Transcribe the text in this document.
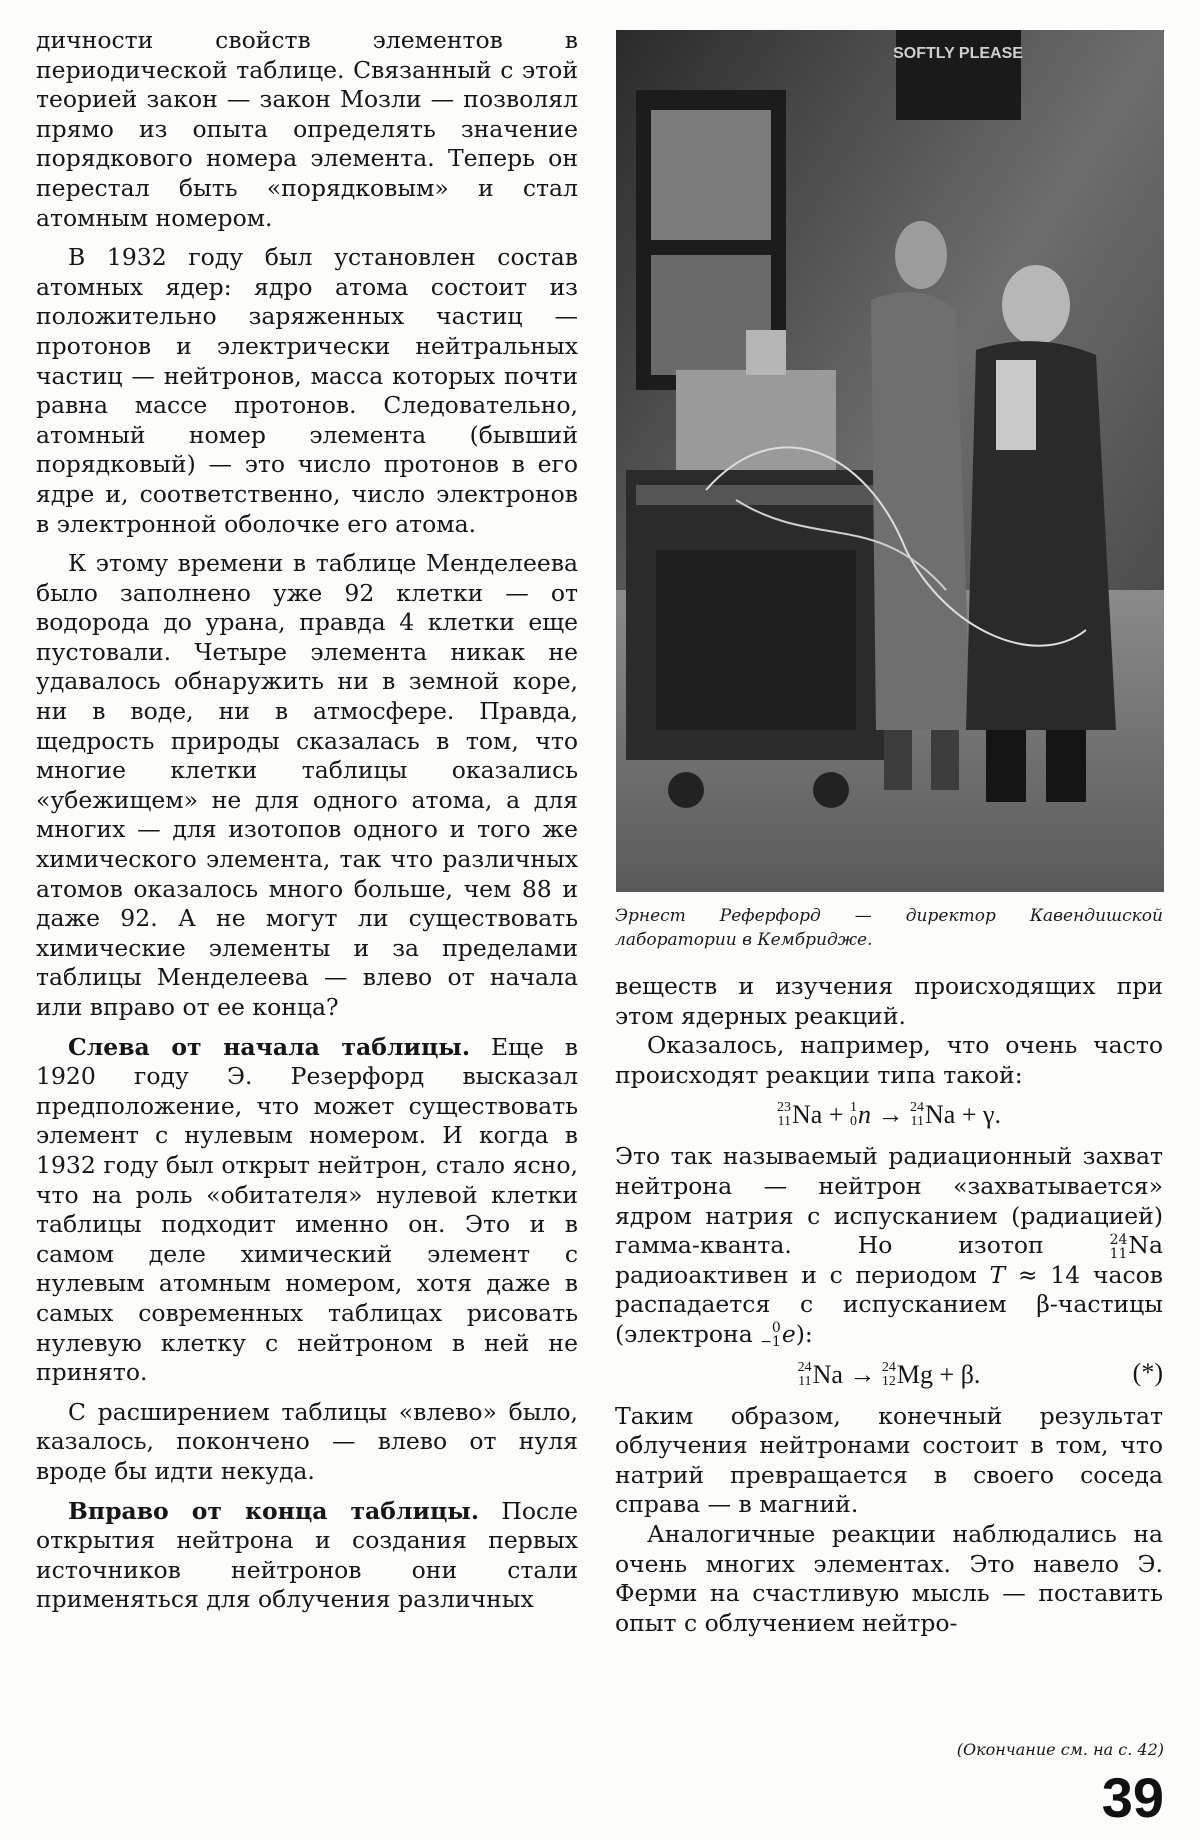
дичности свойств элементов в периодической таблице. Связанный с этой теорией закон — закон Мозли — позволял прямо из опыта определять значение порядкового номера элемента. Теперь он перестал быть «порядковым» и стал атомным номером.

В 1932 году был установлен состав атомных ядер: ядро атома состоит из положительно заряженных частиц — протонов и электрически нейтральных частиц — нейтронов, масса которых почти равна массе протонов. Следовательно, атомный номер элемента (бывший порядковый) — это число протонов в его ядре и, соответственно, число электронов в электронной оболочке его атома.

К этому времени в таблице Менделеева было заполнено уже 92 клетки — от водорода до урана, правда 4 клетки еще пустовали. Четыре элемента никак не удавалось обнаружить ни в земной коре, ни в воде, ни в атмосфере. Правда, щедрость природы сказалась в том, что многие клетки таблицы оказались «убежищем» не для одного атома, а для многих — для изотопов одного и того же химического элемента, так что различных атомов оказалось много больше, чем 88 и даже 92. А не могут ли существовать химические элементы и за пределами таблицы Менделеева — влево от начала или вправо от ее конца?

Слева от начала таблицы. Еще в 1920 году Э. Резерфорд высказал предположение, что может существовать элемент с нулевым номером. И когда в 1932 году был открыт нейтрон, стало ясно, что на роль «обитателя» нулевой клетки таблицы подходит именно он. Это и в самом деле химический элемент с нулевым атомным номером, хотя даже в самых современных таблицах рисовать нулевую клетку с нейтроном в ней не принято.

С расширением таблицы «влево» было, казалось, покончено — влево от нуля вроде бы идти некуда.

Вправо от конца таблицы. После открытия нейтрона и создания первых источников нейтронов они стали применяться для облучения различных

SOFTLY PLEASE
Эрнест Реферфорд — директор Кавендишской лаборатории в Кембридже.

веществ и изучения происходящих при этом ядерных реакций.

Оказалось, например, что очень часто происходят реакции типа такой:

23
11 Na + 1
0 n → 24
11 Na + γ.

Это так называемый радиационный захват нейтрона — нейтрон «захватывается» ядром натрия с испусканием (радиацией) гамма-кванта. Но изотоп	24
11 Na радиоактивен и с периодом T ≈ 14 часов распадается с испусканием β-частицы (электрона 0
−1 e):

24
11 Na → 24
12 Mg + β.	(*)

Таким образом, конечный результат облучения нейтронами состоит в том, что натрий превращается в своего соседа справа — в магний.

Аналогичные реакции наблюдались на очень многих элементах. Это навело Э. Ферми на счастливую мысль — поставить опыт с облучением нейтро-

(Окончание см. на с. 42)
39
